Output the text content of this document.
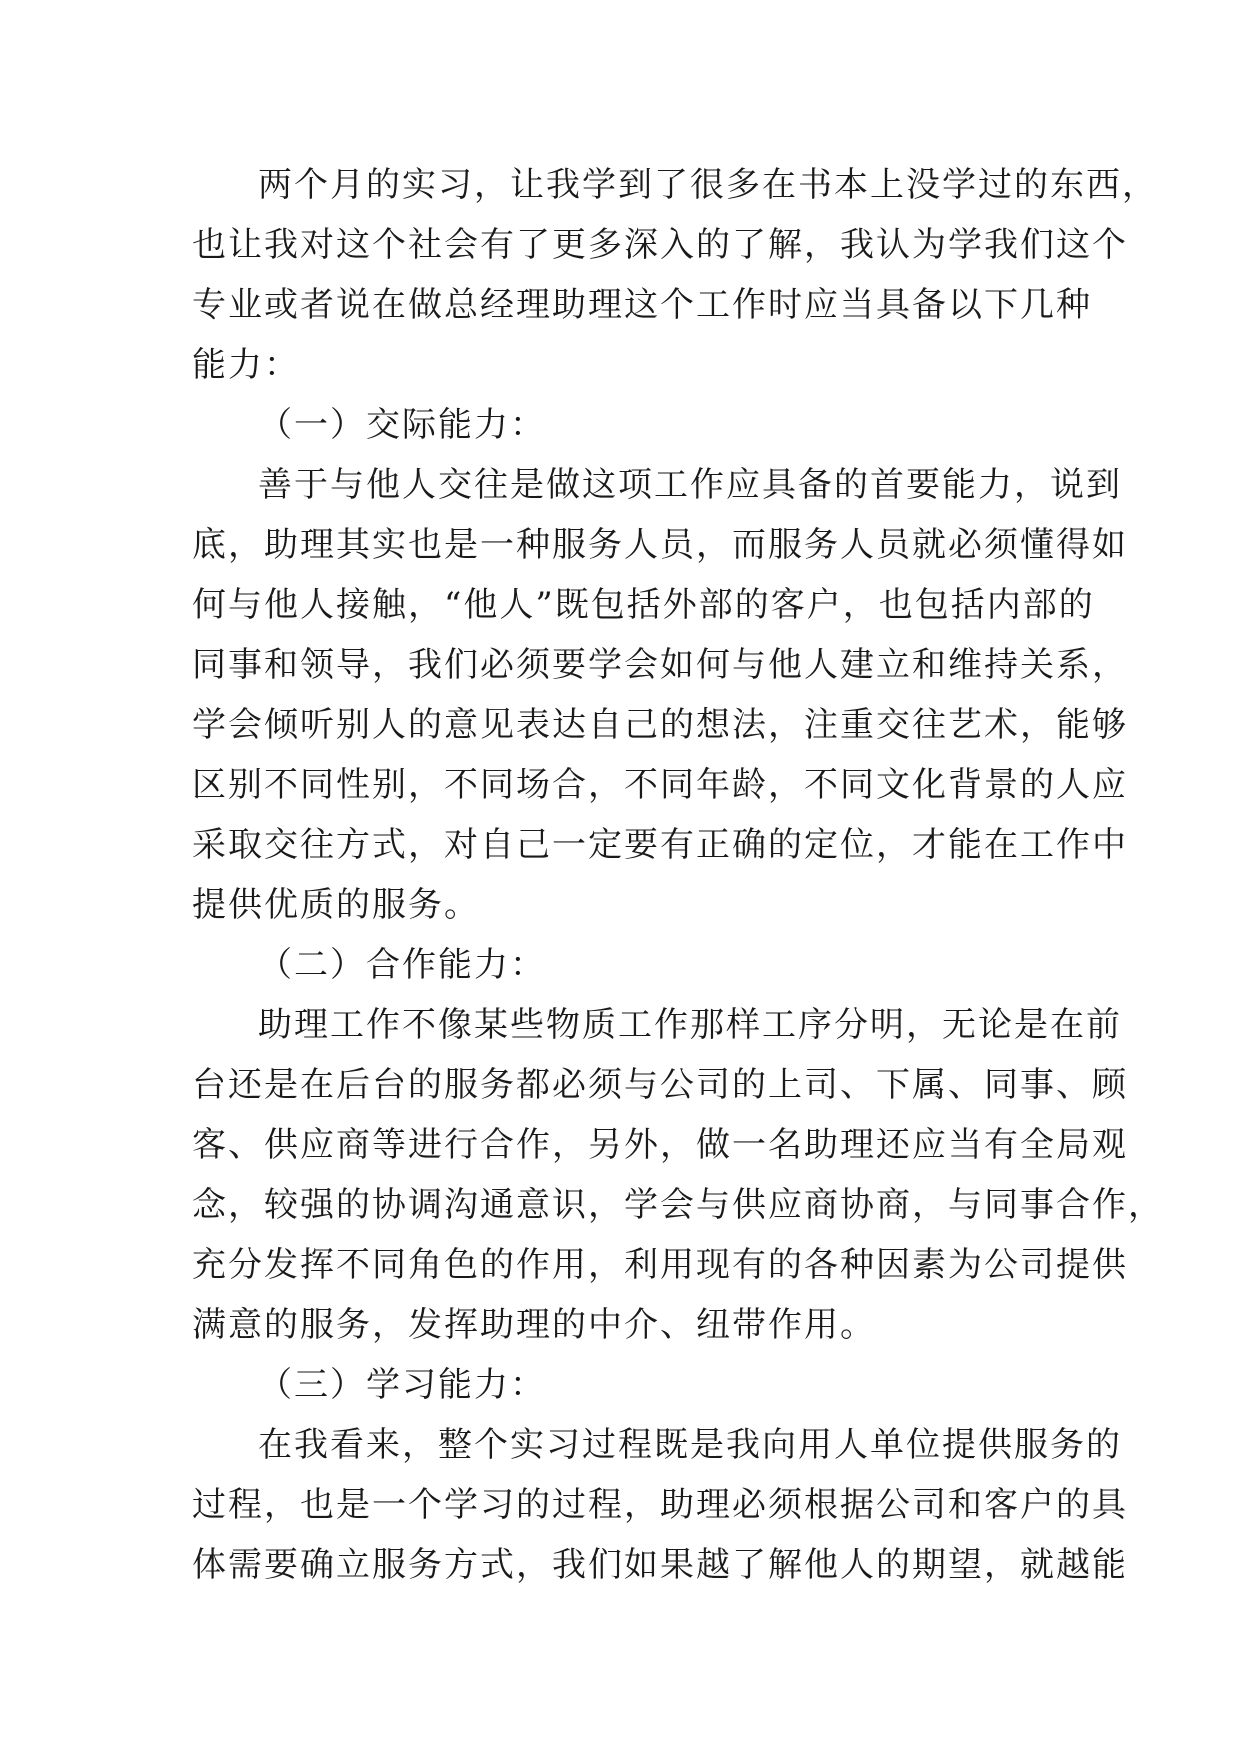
两个月的实习，让我学到了很多在书本上没学过的东西，
也让我对这个社会有了更多深入的了解，我认为学我们这个
专业或者说在做总经理助理这个工作时应当具备以下几种
能力：
（一）交际能力：
善于与他人交往是做这项工作应具备的首要能力，说到
底，助理其实也是一种服务人员，而服务人员就必须懂得如
何与他人接触，“他人”既包括外部的客户，也包括内部的
同事和领导，我们必须要学会如何与他人建立和维持关系，
学会倾听别人的意见表达自己的想法，注重交往艺术，能够
区别不同性别，不同场合，不同年龄，不同文化背景的人应
采取交往方式，对自己一定要有正确的定位，才能在工作中
提供优质的服务。
（二）合作能力：
助理工作不像某些物质工作那样工序分明，无论是在前
台还是在后台的服务都必须与公司的上司、下属、同事、顾
客、供应商等进行合作，另外，做一名助理还应当有全局观
念，较强的协调沟通意识，学会与供应商协商，与同事合作，
充分发挥不同角色的作用，利用现有的各种因素为公司提供
满意的服务，发挥助理的中介、纽带作用。
（三）学习能力：
在我看来，整个实习过程既是我向用人单位提供服务的
过程，也是一个学习的过程，助理必须根据公司和客户的具
体需要确立服务方式，我们如果越了解他人的期望，就越能
